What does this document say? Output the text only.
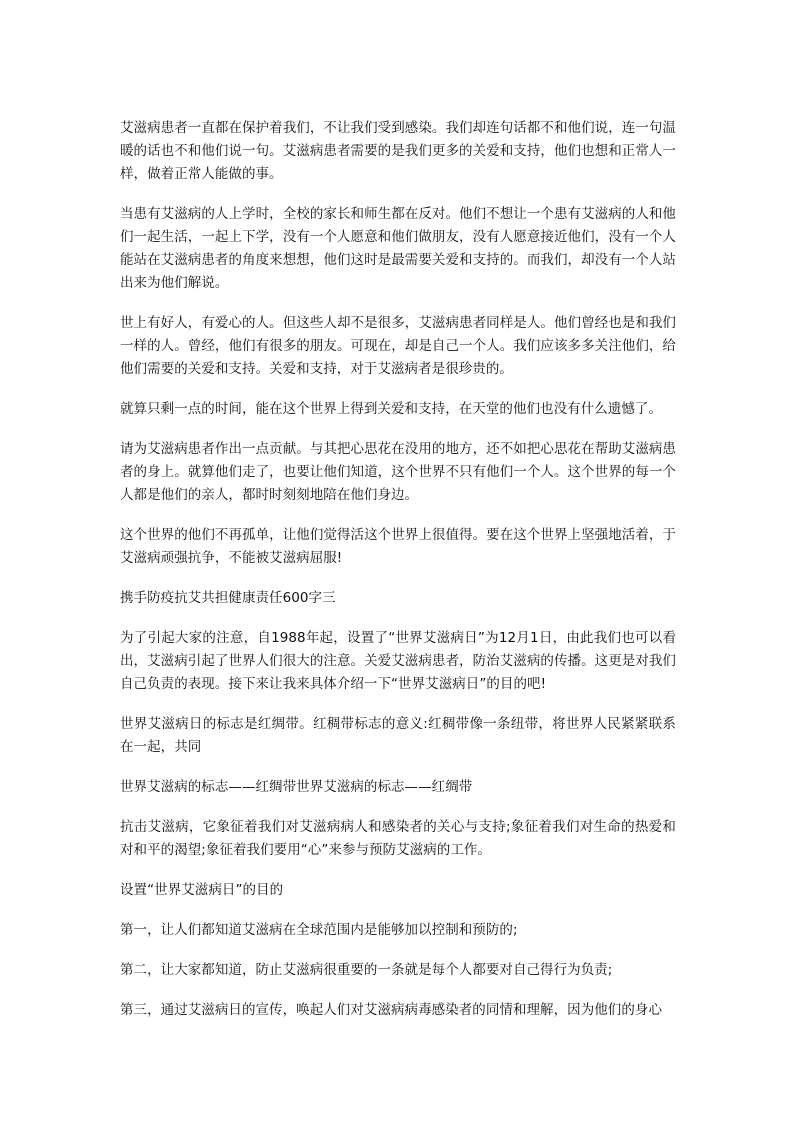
艾滋病患者一直都在保护着我们，不让我们受到感染。我们却连句话都不和他们说，连一句温暖的话也不和他们说一句。艾滋病患者需要的是我们更多的关爱和支持，他们也想和正常人一样，做着正常人能做的事。

当患有艾滋病的人上学时，全校的家长和师生都在反对。他们不想让一个患有艾滋病的人和他们一起生活，一起上下学，没有一个人愿意和他们做朋友，没有人愿意接近他们，没有一个人能站在艾滋病患者的角度来想想，他们这时是最需要关爱和支持的。而我们，却没有一个人站出来为他们解说。

世上有好人，有爱心的人。但这些人却不是很多，艾滋病患者同样是人。他们曾经也是和我们一样的人。曾经，他们有很多的朋友。可现在，却是自己一个人。我们应该多多关注他们，给他们需要的关爱和支持。关爱和支持，对于艾滋病者是很珍贵的。

就算只剩一点的时间，能在这个世界上得到关爱和支持，在天堂的他们也没有什么遗憾了。

请为艾滋病患者作出一点贡献。与其把心思花在没用的地方，还不如把心思花在帮助艾滋病患者的身上。就算他们走了，也要让他们知道，这个世界不只有他们一个人。这个世界的每一个人都是他们的亲人，都时时刻刻地陪在他们身边。

这个世界的他们不再孤单，让他们觉得活这个世界上很值得。要在这个世界上坚强地活着，于艾滋病顽强抗争，不能被艾滋病屈服!

携手防疫抗艾共担健康责任600字三

为了引起大家的注意，自1988年起，设置了“世界艾滋病日”为12月1日，由此我们也可以看出，艾滋病引起了世界人们很大的注意。关爱艾滋病患者，防治艾滋病的传播。这更是对我们自己负责的表现。接下来让我来具体介绍一下“世界艾滋病日”的目的吧!

世界艾滋病日的标志是红绸带。红稠带标志的意义:红稠带像一条纽带，将世界人民紧紧联系在一起，共同

世界艾滋病的标志——红绸带世界艾滋病的标志——红绸带

抗击艾滋病，它象征着我们对艾滋病病人和感染者的关心与支持;象征着我们对生命的热爱和对和平的渴望;象征着我们要用“心”来参与预防艾滋病的工作。

设置“世界艾滋病日”的目的

第一，让人们都知道艾滋病在全球范围内是能够加以控制和预防的;

第二，让大家都知道，防止艾滋病很重要的一条就是每个人都要对自己得行为负责;

第三，通过艾滋病日的宣传，唤起人们对艾滋病病毒感染者的同情和理解，因为他们的身心
